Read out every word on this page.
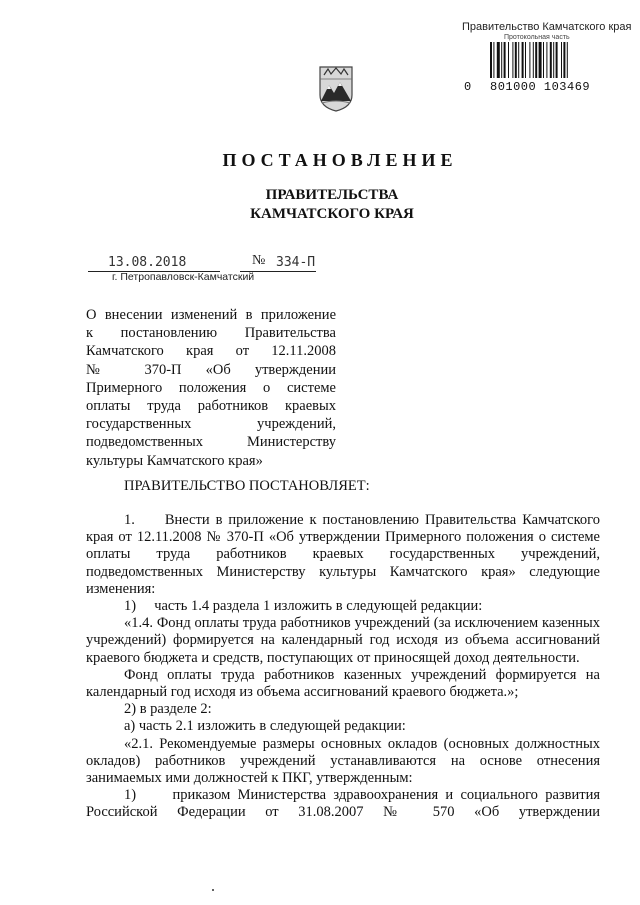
Правительство Камчатского края
Протокольная часть
0 801000 103469
ПОСТАНОВЛЕНИЕ
ПРАВИТЕЛЬСТВА
КАМЧАТСКОГО КРАЯ
13.08.2018	№ 334-П
г. Петропавловск-Камчатский
О внесении изменений в приложение
к постановлению Правительства
Камчатского края от 12.11.2008
№ 370-П «Об утверждении
Примерного положения о системе
оплаты труда работников краевых
государственных учреждений,
подведомственных Министерству
культуры Камчатского края»
ПРАВИТЕЛЬСТВО ПОСТАНОВЛЯЕТ:

1.     Внести в приложение к постановлению Правительства Камчатского края от 12.11.2008 № 370-П «Об утверждении Примерного положения о системе оплаты труда работников краевых государственных учреждений, подведомственных Министерству культуры Камчатского края» следующие изменения:

1)     часть 1.4 раздела 1 изложить в следующей редакции:

«1.4. Фонд оплаты труда работников учреждений (за исключением казенных учреждений) формируется на календарный год исходя из объема ассигнований краевого бюджета и средств, поступающих от приносящей доход деятельности.

Фонд оплаты труда работников казенных учреждений формируется на календарный год исходя из объема ассигнований краевого бюджета.»;

2) в разделе 2:

а) часть 2.1 изложить в следующей редакции:

«2.1. Рекомендуемые размеры основных окладов (основных должностных окладов) работников учреждений устанавливаются на основе отнесения занимаемых ими должностей к ПКГ, утвержденным:

1)     приказом Министерства здравоохранения и социального развития Российской Федерации от 31.08.2007 № 570 «Об утверждении
